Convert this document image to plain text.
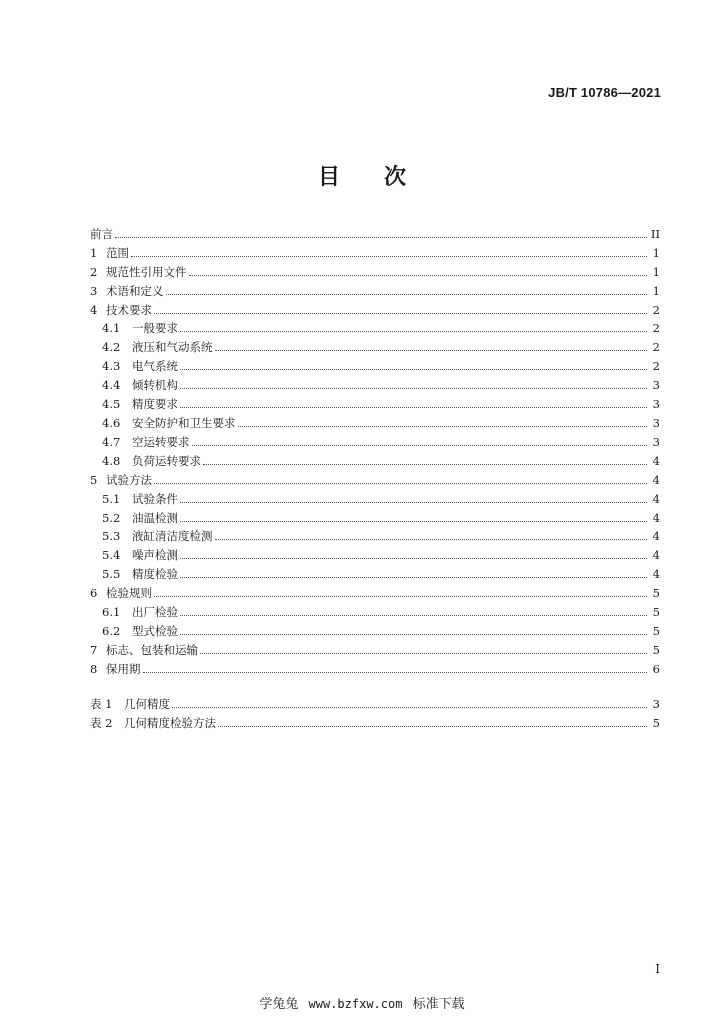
JB/T 10786—2021
目 次
前言	II
1 范围	1
2 规范性引用文件	1
3 术语和定义	1
4 技术要求	2
4.1	一般要求	2
4.2	液压和气动系统	2
4.3	电气系统	2
4.4	倾转机构	3
4.5	精度要求	3
4.6	安全防护和卫生要求	3
4.7	空运转要求	3
4.8	负荷运转要求	4
5 试验方法	4
5.1	试验条件	4
5.2	油温检测	4
5.3	液缸清洁度检测	4
5.4	噪声检测	4
5.5	精度检验	4
6 检验规则	5
6.1	出厂检验	5
6.2	型式检验	5
7 标志、包装和运输	5
8 保用期	6
表 1	几何精度	3
表 2	几何精度检验方法	5
I
学兔兔 www.bzfxw.com 标准下载
